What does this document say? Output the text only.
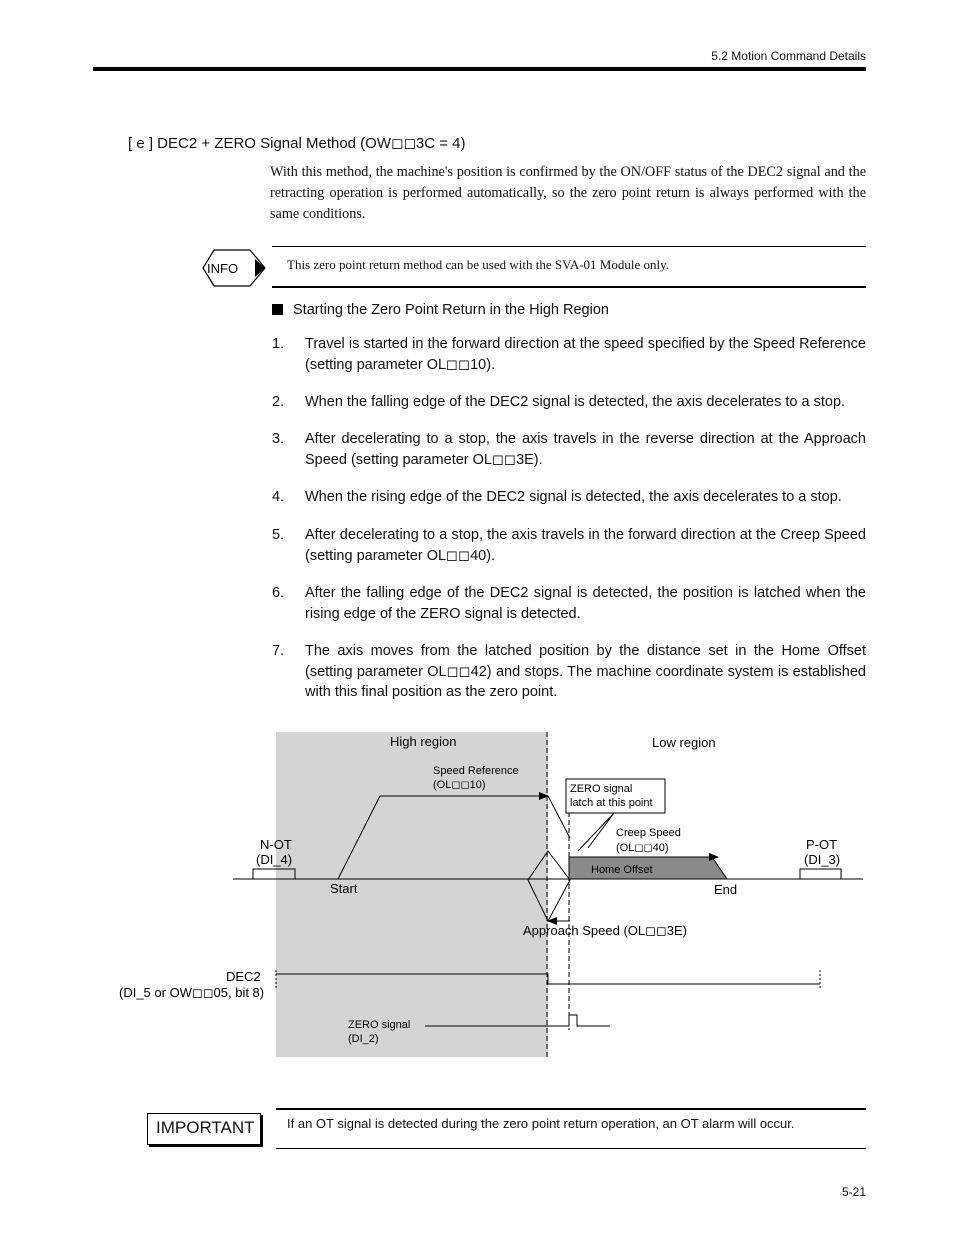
5.2 Motion Command Details
[ e ] DEC2 + ZERO Signal Method (OW◻◻3C = 4)
With this method, the machine's position is confirmed by the ON/OFF status of the DEC2 signal and the retracting operation is performed automatically, so the zero point return is always performed with the same conditions.
INFO	This zero point return method can be used with the SVA-01 Module only.
Starting the Zero Point Return in the High Region
1. Travel is started in the forward direction at the speed specified by the Speed Reference (setting parameter OL◻◻10).
2. When the falling edge of the DEC2 signal is detected, the axis decelerates to a stop.
3. After decelerating to a stop, the axis travels in the reverse direction at the Approach Speed (setting parameter OL◻◻3E).
4. When the rising edge of the DEC2 signal is detected, the axis decelerates to a stop.
5. After decelerating to a stop, the axis travels in the forward direction at the Creep Speed (setting parameter OL◻◻40).
6. After the falling edge of the DEC2 signal is detected, the position is latched when the rising edge of the ZERO signal is detected.
7. The axis moves from the latched position by the distance set in the Home Offset (setting parameter OL◻◻42) and stops. The machine coordinate system is established with this final position as the zero point.
High region	Low region
Speed Reference
(OL◻◻10)	ZERO signal
latch at this point
Creep Speed
(OL◻◻40)
Home Offset
N-OT
(DI_4)
P-OT
(DI_3)
Start	End
Approach Speed (OL◻◻3E)
DEC2
(DI_5 or OW◻◻05, bit 8)
ZERO signal
(DI_2)
IMPORTANT If an OT signal is detected during the zero point return operation, an OT alarm will occur.
5-21
